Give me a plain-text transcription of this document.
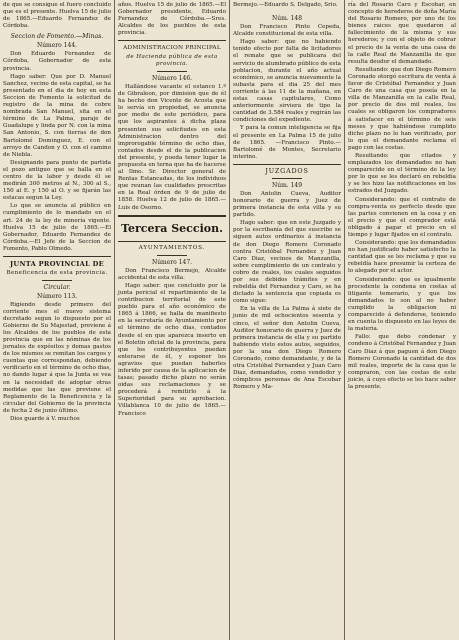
de que se consigue el fuero concluido que es el presente. Huelva 15 de julio de 1865.—Eduardo Fernandez de Córdoba.

Seccion de Fomento.—Minas.
Número 144.

Don Eduardo Fernandez de Córdoba, Gobernador de esta provincia.

Hago saber: Que por D. Manuel Sanchez, vecino de esta capital, se ha presentado en el dia de hoy en esta Seccion de Fomento la solicitud de registro de la mina de cobre nombrada San Manuel, sita en el término de La Palma, paraje de Guadalupe y linda por N. con la mina San Antonio, S. con tierras de don Bartolomé Dominguez, E. con el arroyo de Candon y O. con el camino de Niebla.

Designando para punto de partida el pozo antiguo que se halla en el centro de la labor y desde él se medirán 300 metros al N., 300 al S., 150 al E. y 150 al O. y se fijarán las estacas segun la Ley.

Lo que se anuncia al público en cumplimiento de lo mandado en el art. 24 de la ley de minería vigente. Huelva 15 de julio de 1865.—El Gobernador, Eduardo Fernandez de Córdoba.—El Jefe de la Seccion de Fomento, Pablo Olmedo.

JUNTA PROVINCIAL DE
Beneficencia de esta provincia.
Circular.
Número 113.

Rigiendo desde primero del corriente mes el nuevo sistema decretado segun lo dispuesto por el Gobierno de Su Majestad, previene á los Alcaldes de los pueblos de esta provincia que en las nóminas de los jornales de expósitos y demas gastos de los mismos se remitan los cargos y cuentas que correspondan, debiendo verificarlo en el término de ocho dias, no dando lugar á que la Junta se vea en la necesidad de adoptar otras medidas que las que previene el Reglamento de la Beneficencia y la circular del Gobierno de la provincia de fecha 2 de junio último.

Dios guarde á V. muchos

años. Huelva 15 de julio de 1865.—El Gobernador presidente, Eduardo Fernandez de Córdoba.—Sres. Alcaldes de los pueblos de esta provincia.

ADMINISTRACION PRINCIPAL
de Hacienda pública de esta provincia.
Número 146.

Hallándose vacante el estanco 1.º de Gibraleon, por dimision que de él ha hecho don Vicente de Acosta que lo servía en propiedad, se anuncia por medio de este periódico, para que los aspirantes á dicha plaza presenten sus solicitudes en esta Administracion dentro del improrogable término de ocho dias, contados desde el de la publicacion del presente, y pueda tener lugar la propuesta en terna que ha de hacerse al Ilmo. Sr. Director general de Rentas Estancadas, de los individuos que reunan las cualidades prescritas en la Real órden de 9 de julio de 1858. Huelva 12 de julio de 1865.—Luis de Osorno.

Tercera Seccion.
AYUNTAMIENTOS.
Número 147.

Don Francisco Bermejo, Alcalde accidental de esta villa.

Hago saber: que concluido por la junta pericial el repartimiento de la contribucion territorial de este pueblo para el año económico de 1865 á 1866, se halla de manifiesto en la secretaría de Ayuntamiento por el término de ocho dias, contados desde el en que aparezca inserto en el Boletin oficial de la provincia, para que los contribuyentes puedan enterarse de él, y esponer los agravios que puedan haberles inferido por causa de la aplicacion de tasas; pasado dicho plazo no serán oidas sus reclamaciones y se procederá á remitirlo á la Superioridad para su aprobacion. Villablanca 10 de julio de 1865.—Francisco

Bermejo.—Eduardo S. Delgado, Srio.

Núm. 148

Don Francisco Pinto Cepeda, Alcalde constitucional de esta villa.

Hago saber: que no habiendo tenido efecto por falta de licitadores el remate que se publicara del servicio de alumbrado público de esta poblacion, durante el año actual económico, se anuncia nuevamente la subasta para el dia 25 del mes corriente á las 11 de la mañana, en estas casas capitulares, Como anteriormente sirviera de tipo la cantidad de 3.584 reales y regirán las condiciones del expediente.

Y para la comun inteligencia se fija el presente en La Palma 15 de julio de 1865. —Francisco Pinto.—Bartolomé de Montes, Secretario interino.

JUZGADOS
Núm. 149

Don Antolin Cueva, Auditor honorario de guerra y Juez de primera instancia de esta villa y su partido.

Hago saber: que en este Juzgado y por la escribanía del que suscribe se siguen autos ordinarios á instancia de don Diego Romero Coronado contra Cristóbal Fernandez y Juan Caro Diaz, vecinos de Manzanilla, sobre cumplimiento de un contrato y cobro de reales, los cuales seguidos por sus debidos trámites y en rebeldía del Fernandez y Caro, se ha dictado la sentencia que copiada es como sigue:

En la villa de La Palma á siete de junio de mil ochocientos sesenta y cinco, el señor don Antolin Cueva, Auditor honorario de guerra y Juez de primera instancia de ella y su partido habiendo visto estos autos, seguidos, por la una don Diego Romero Coronado, como demandante, y de la otra Cristóbal Fernandez y Juan Caro Diaz, demandados, como vendedor y cómplices personas de Ana Escobar Romero y Ma-

ría del Rosario Caro y Escobar, en concepto de herederos de doña María del Rosario Romero, por uno de los bienes raices que quedaron al fallecimiento de la misma y sus herederos; y con el objeto de cobrar el precio de la venta de una casa de la calle Real de Manzanilla de que resulta deudor el demandado.

Resultando: que don Diego Romero Coronado otorgó escritura de venta á favor de Cristóbal Fernandez y Juan Caro de una casa que poseía en la villa de Manzanilla en la calle Real, por precio de dos mil reales, los cuales se obligaron los compradores á satisfacer en el término de seis meses y que habiéndose cumplido dicho plazo no lo han verificado, por lo que el demandante reclama el pago con las costas.

Resultando: que citados y emplazados los demandados no han comparecido en el término de la ley por lo que se les declaró en rebeldía y se les hizo las notificaciones en los estrados del Juzgado.

Considerando: que el contrato de compra-venta es perfecto desde que las partes convienen en la cosa y en el precio y que el comprador está obligado á pagar el precio en el tiempo y lugar fijados en el contrato.

Considerando: que los demandados no han justificado haber satisfecho la cantidad que se les reclama y que su rebeldía hace presumir la certeza de lo alegado por el actor.

Considerando: que es igualmente procedente la condena en costas al litigante temerario, y que los demandados lo son al no haber cumplido la obligacion ni comparecido á defenderse, teniendo en cuenta lo dispuesto en las leyes de la materia.

Fallo: que debo condenar y condeno á Cristóbal Fernandez y Juan Caro Diaz á que paguen á don Diego Romero Coronado la cantidad de dos mil reales, importe de la casa que le compraron, con las costas de este juicio, á cuyo efecto se les hace saber la presente.
